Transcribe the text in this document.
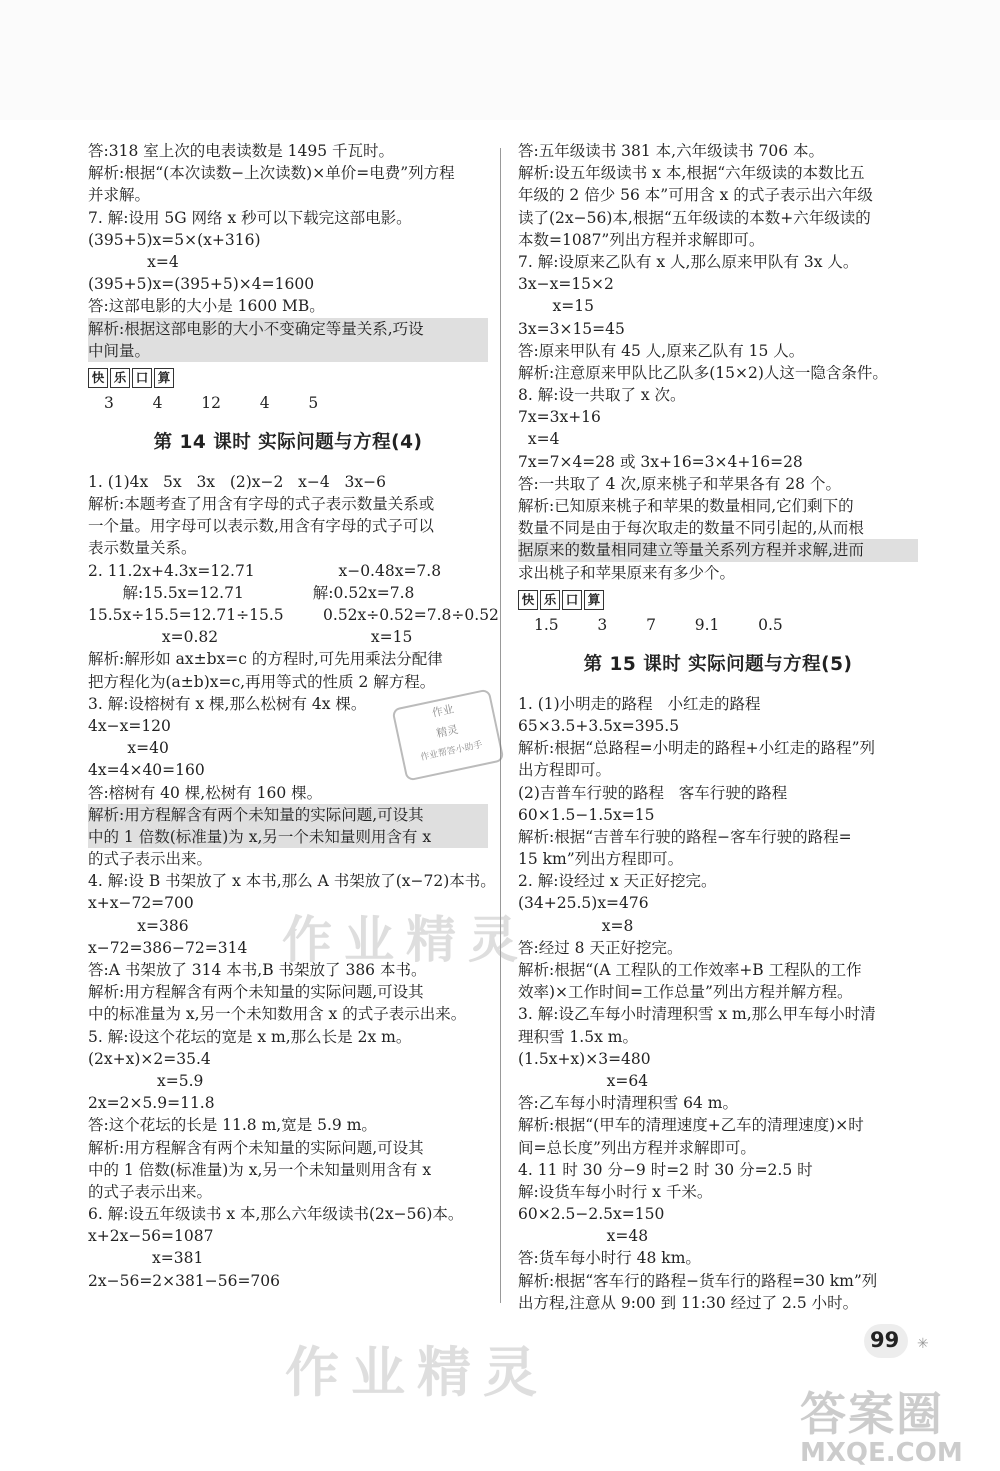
答:318 室上次的电表读数是 1495 千瓦时。
解析:根据“(本次读数−上次读数)×单价=电费”列方程
并求解。
7. 解:设用 5G 网络 x 秒可以下载完这部电影。
(395+5)x=5×(x+316)
x=4
(395+5)x=(395+5)×4=1600
答:这部电影的大小是 1600 MB。
解析:根据这部电影的大小不变确定等量关系,巧设
中间量。
快 乐 口 算
3   4   12   4   5
第 14 课时 实际问题与方程(4)
1. (1)4x   5x   3x   (2)x−2   x−4   3x−6
解析:本题考查了用含有字母的式子表示数量关系或
一个量。用字母可以表示数,用含有字母的式子可以
表示数量关系。
2. 11.2x+4.3x=12.71                 x−0.48x=7.8
解:15.5x=12.71              解:0.52x=7.8
15.5x÷15.5=12.71÷15.5        0.52x÷0.52=7.8÷0.52
x=0.82                               x=15
解析:解形如 ax±bx=c 的方程时,可先用乘法分配律
把方程化为(a±b)x=c,再用等式的性质 2 解方程。
3. 解:设榕树有 x 棵,那么松树有 4x 棵。
4x−x=120
x=40
4x=4×40=160
答:榕树有 40 棵,松树有 160 棵。
解析:用方程解含有两个未知量的实际问题,可设其
中的 1 倍数(标准量)为 x,另一个未知量则用含有 x
的式子表示出来。
4. 解:设 B 书架放了 x 本书,那么 A 书架放了(x−72)本书。
x+x−72=700
x=386
x−72=386−72=314
答:A 书架放了 314 本书,B 书架放了 386 本书。
解析:用方程解含有两个未知量的实际问题,可设其
中的标准量为 x,另一个未知数用含 x 的式子表示出来。
5. 解:设这个花坛的宽是 x m,那么长是 2x m。
(2x+x)×2=35.4
x=5.9
2x=2×5.9=11.8
答:这个花坛的长是 11.8 m,宽是 5.9 m。
解析:用方程解含有两个未知量的实际问题,可设其
中的 1 倍数(标准量)为 x,另一个未知量则用含有 x
的式子表示出来。
6. 解:设五年级读书 x 本,那么六年级读书(2x−56)本。
x+2x−56=1087
x=381
2x−56=2×381−56=706
答:五年级读书 381 本,六年级读书 706 本。
解析:设五年级读书 x 本,根据“六年级读的本数比五
年级的 2 倍少 56 本”可用含 x 的式子表示出六年级
读了(2x−56)本,根据“五年级读的本数+六年级读的
本数=1087”列出方程并求解即可。
7. 解:设原来乙队有 x 人,那么原来甲队有 3x 人。
3x−x=15×2
x=15
3x=3×15=45
答:原来甲队有 45 人,原来乙队有 15 人。
解析:注意原来甲队比乙队多(15×2)人这一隐含条件。
8. 解:设一共取了 x 次。
7x=3x+16
x=4
7x=7×4=28 或 3x+16=3×4+16=28
答:一共取了 4 次,原来桃子和苹果各有 28 个。
解析:已知原来桃子和苹果的数量相同,它们剩下的
数量不同是由于每次取走的数量不同引起的,从而根
据原来的数量相同建立等量关系列方程并求解,进而
求出桃子和苹果原来有多少个。
快 乐 口 算
1.5   3   7   9.1   0.5
第 15 课时 实际问题与方程(5)
1. (1)小明走的路程   小红走的路程
65×3.5+3.5x=395.5
解析:根据“总路程=小明走的路程+小红走的路程”列
出方程即可。
(2)吉普车行驶的路程   客车行驶的路程
60×1.5−1.5x=15
解析:根据“吉普车行驶的路程−客车行驶的路程=
15 km”列出方程即可。
2. 解:设经过 x 天正好挖完。
(34+25.5)x=476
x=8
答:经过 8 天正好挖完。
解析:根据“(A 工程队的工作效率+B 工程队的工作
效率)×工作时间=工作总量”列出方程并解方程。
3. 解:设乙车每小时清理积雪 x m,那么甲车每小时清
理积雪 1.5x m。
(1.5x+x)×3=480
x=64
答:乙车每小时清理积雪 64 m。
解析:根据“(甲车的清理速度+乙车的清理速度)×时
间=总长度”列出方程并求解即可。
4. 11 时 30 分−9 时=2 时 30 分=2.5 时
解:设货车每小时行 x 千米。
60×2.5−2.5x=150
x=48
答:货车每小时行 48 km。
解析:根据“客车行的路程−货车行的路程=30 km”列
出方程,注意从 9:00 到 11:30 经过了 2.5 小时。
作业
精灵
作业帮答小助手
作业精灵
作业精灵
99 ✳
答案圈
MXQE.COM
